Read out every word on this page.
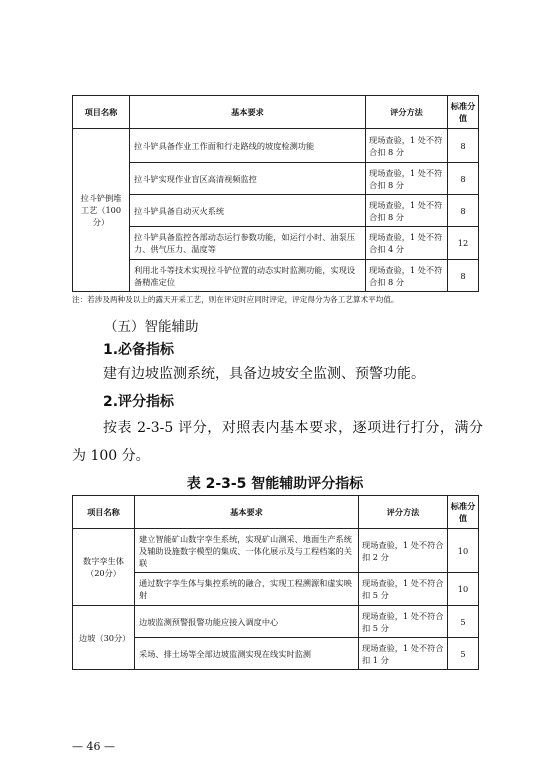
项目名称	基本要求	评分方法	标准分值
拉斗铲倒堆工艺（100分）	拉斗铲具备作业工作面和行走路线的坡度检测功能	现场查验，1 处不符合扣 8 分	8
	拉斗铲实现作业盲区高清视频监控	现场查验，1 处不符合扣 8 分	8
	拉斗铲具备自动灭火系统	现场查验，1 处不符合扣 8 分	8
	拉斗铲具备监控各部动态运行参数功能，如运行小时、油泵压力、供气压力、温度等	现场查验，1 处不符合扣 4 分	12
	利用北斗等技术实现拉斗铲位置的动态实时监测功能，实现设备精准定位	现场查验，1 处不符合扣 8 分	8
注：若涉及两种及以上的露天开采工艺，则在评定时应同时评定，评定得分为各工艺算术平均值。
（五）智能辅助
1.必备指标
建有边坡监测系统，具备边坡安全监测、预警功能。
2.评分指标
按表 2-3-5 评分，对照表内基本要求，逐项进行打分，满分
为 100 分。
表 2-3-5 智能辅助评分指标
项目名称	基本要求	评分方法	标准分值
数字孪生体（20分）	建立智能矿山数字孪生系统，实现矿山测采、地面生产系统及辅助设施数字模型的集成、一体化展示及与工程档案的关联	现场查验，1 处不符合扣 2 分	10
	通过数字孪生体与集控系统的融合，实现工程溯源和虚实映射	现场查验，1 处不符合扣 5 分	10
边坡（30分）	边坡监测预警报警功能应接入调度中心	现场查验，1 处不符合扣 5 分	5
	采场、排土场等全部边坡监测实现在线实时监测	现场查验，1 处不符合扣 1 分	5
— 46 —
